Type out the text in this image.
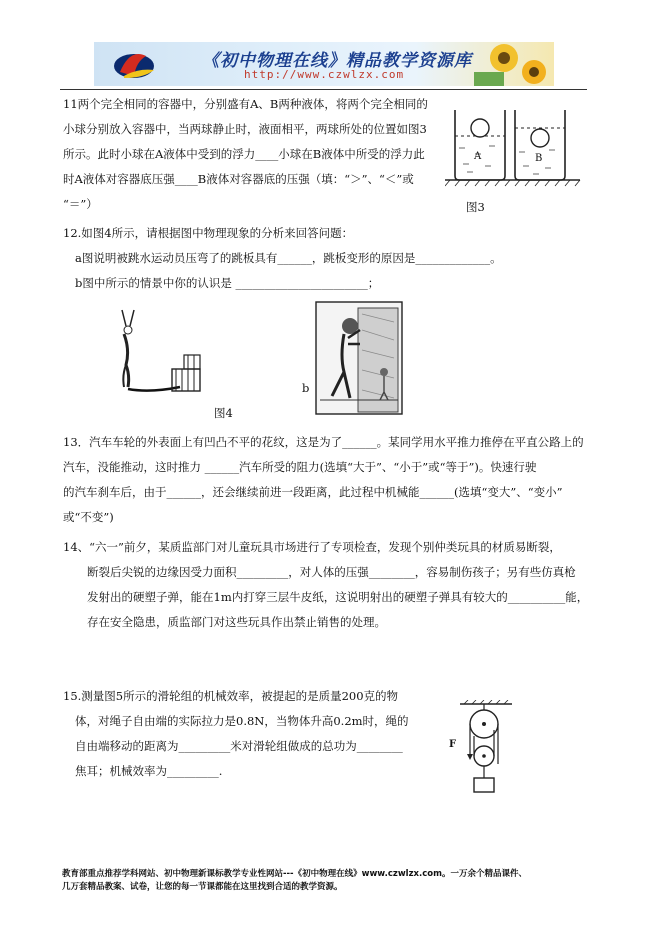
《初中物理在线》精品教学资源库
http://www.czwlzx.com
11两个完全相同的容器中，分别盛有A、B两种液体，将两个完全相同的
小球分别放入容器中，当两球静止时，液面相平，两球所处的位置如图3
所示。此时小球在A液体中受到的浮力____小球在B液体中所受的浮力此
时A液体对容器底压强____B液体对容器底的压强（填：“＞”、“＜”或
“＝”）
A	B
图3
12.如图4所示，请根据图中物理现象的分析来回答问题：
a图说明被跳水运动员压弯了的跳板具有______，跳板变形的原因是_____________。
b图中所示的情景中你的认识是 _______________________；
图4
b
13．汽车车轮的外表面上有凹凸不平的花纹，这是为了______。某同学用水平推力推停在平直公路上的
汽车，没能推动，这时推力 ______汽车所受的阻力(选填“大于”、“小于”或“等于”)。快速行驶
的汽车刹车后，由于______，还会继续前进一段距离，此过程中机械能______(选填“变大”、“变小”
或“不变”)
14、“六一”前夕，某质监部门对儿童玩具市场进行了专项检查，发现个别仲类玩具的材质易断裂，
断裂后尖锐的边缘因受力面积_________，对人体的压强________，容易制伤孩子；另有些仿真枪
发射出的硬塑子弹，能在1m内打穿三层牛皮纸，这说明射出的硬塑子弹具有较大的__________能，
存在安全隐患，质监部门对这些玩具作出禁止销售的处理。
15.测量图5所示的滑轮组的机械效率，被提起的是质量200克的物
体，对绳子自由端的实际拉力是0.8N，当物体升高0.2m时，绳的
自由端移动的距离为_________米对滑轮组做成的总功为________
焦耳；机械效率为_________.
F
教育部重点推荐学科网站、初中物理新课标教学专业性网站---《初中物理在线》www.czwlzx.com。一万余个精品课件、
几万套精品教案、试卷，让您的每一节课都能在这里找到合适的教学资源。
